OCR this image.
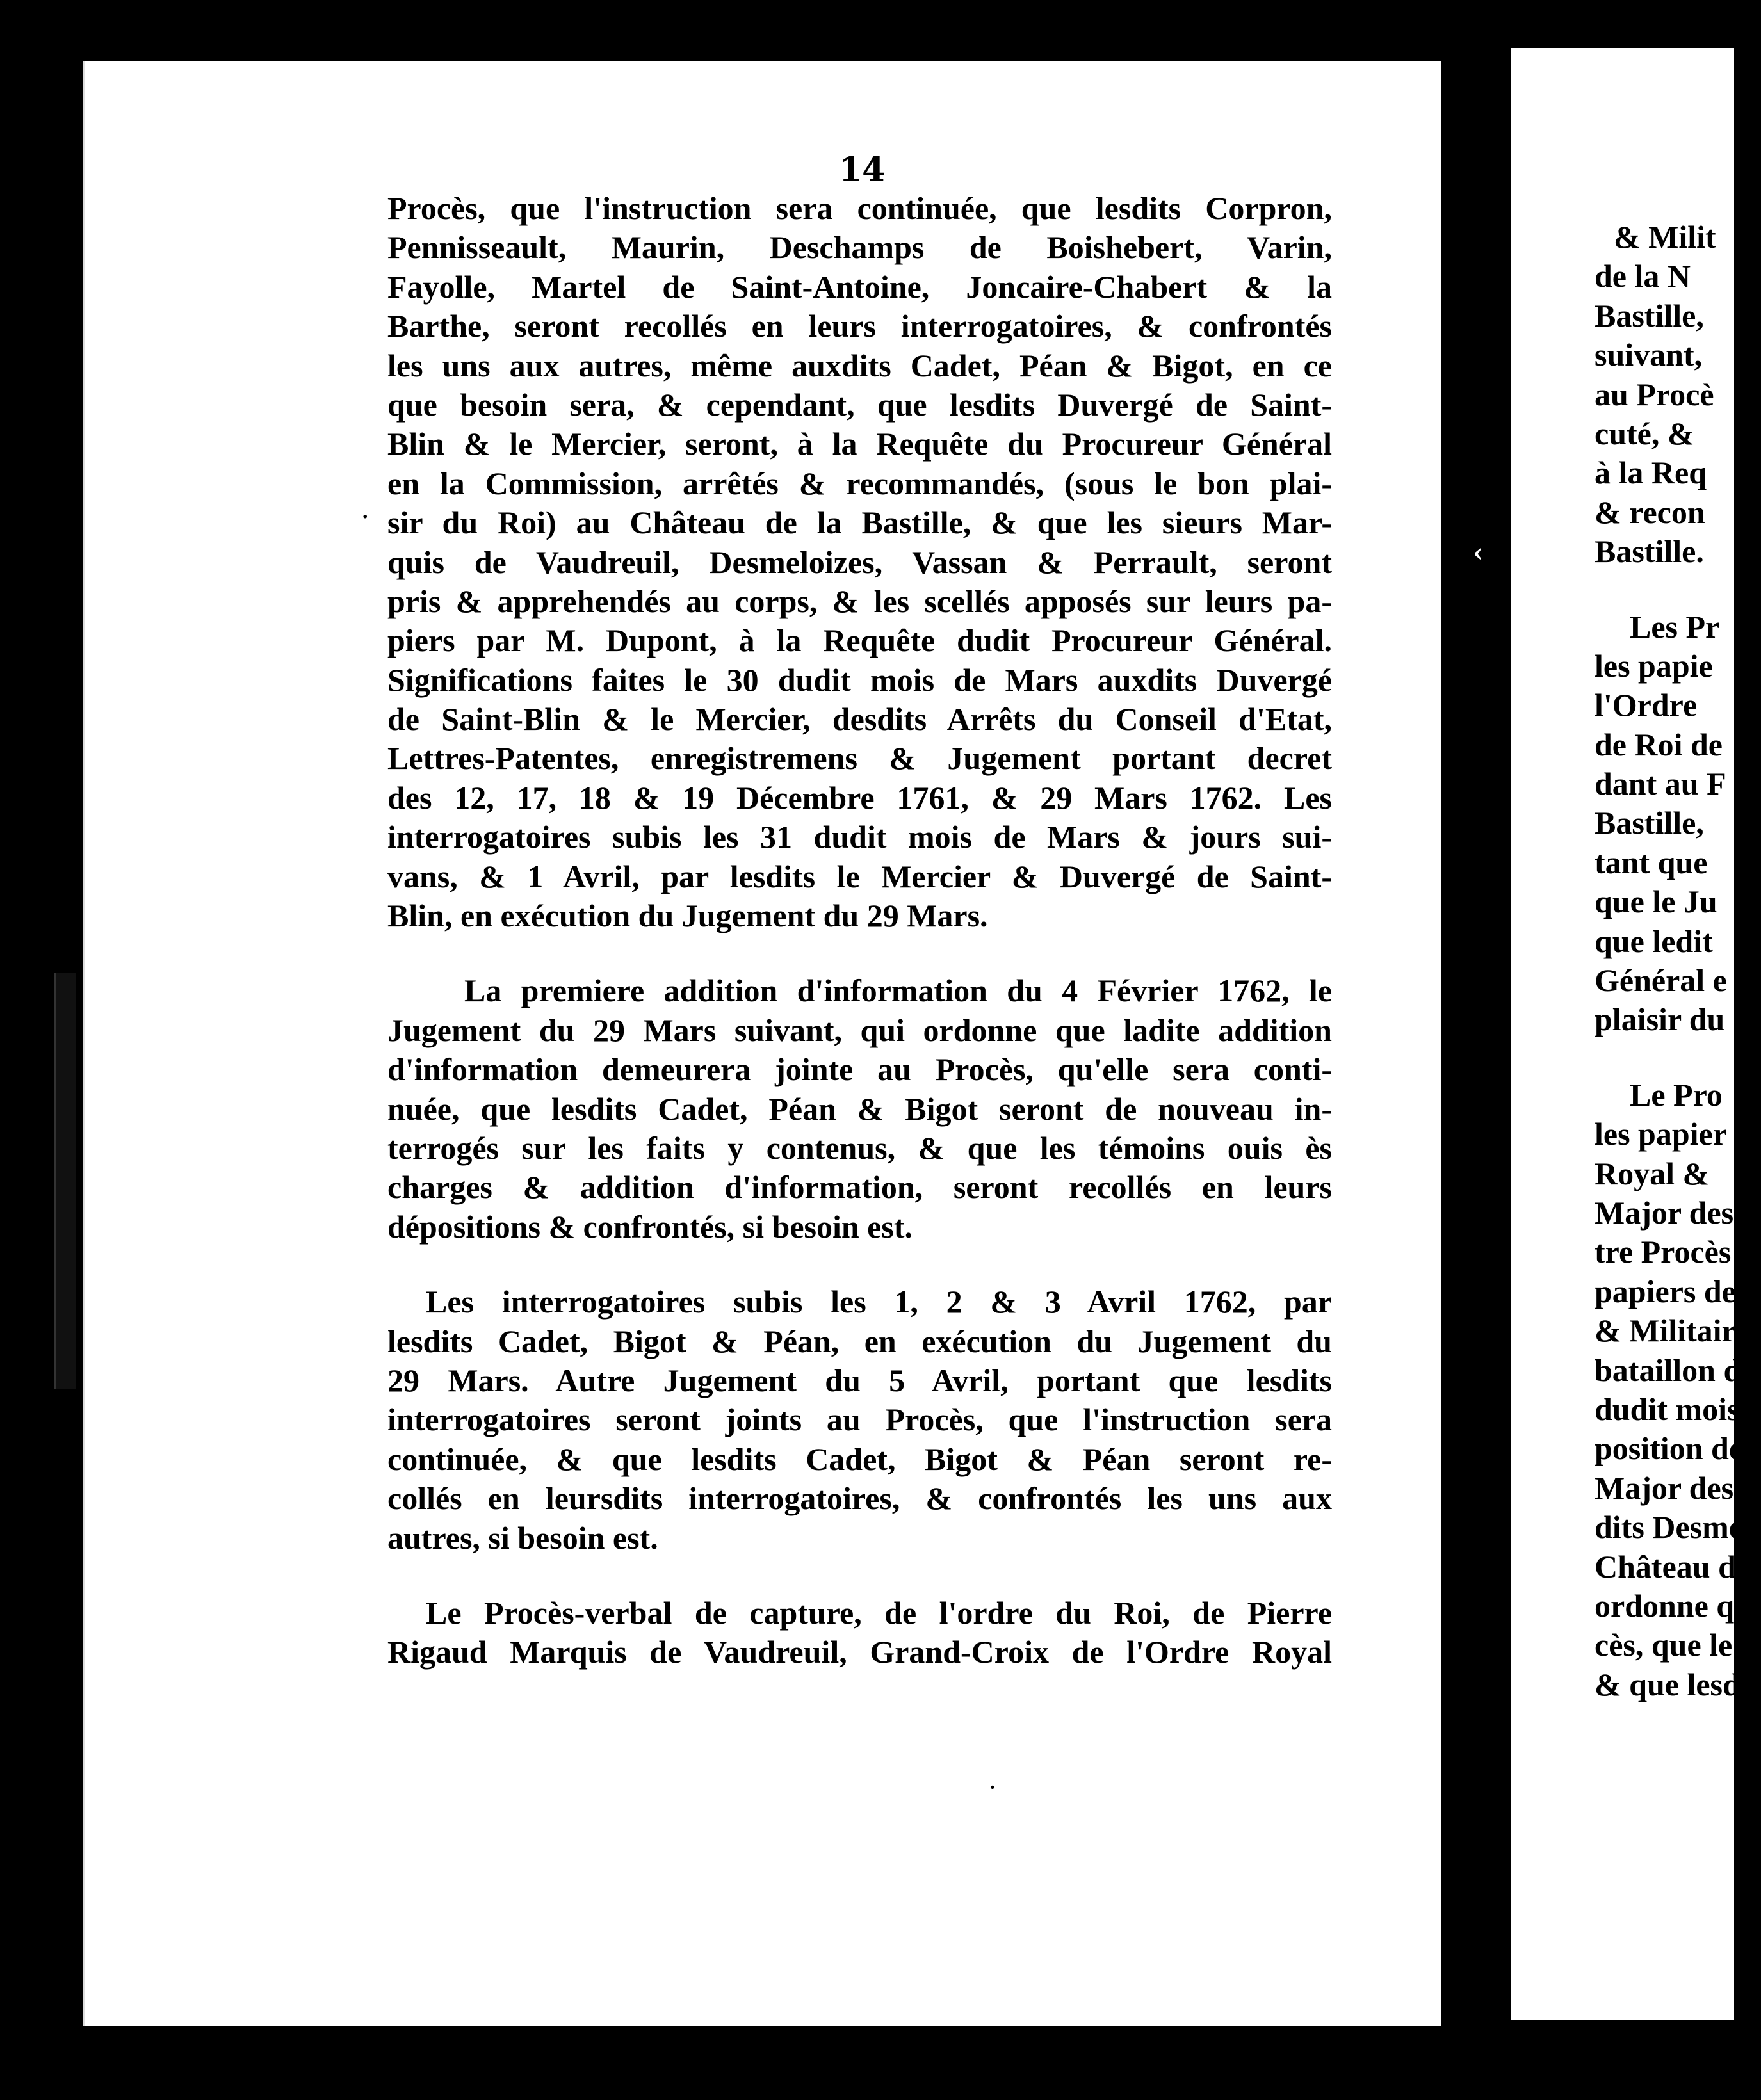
14
Procès, que l'instruction sera continuée, que lesdits Corpron,
Pennisseault, Maurin, Deschamps de Boishebert, Varin,
Fayolle, Martel de Saint-Antoine, Joncaire-Chabert & la
Barthe, seront recollés en leurs interrogatoires, & confrontés
les uns aux autres, même auxdits Cadet, Péan & Bigot, en ce
que besoin sera, & cependant, que lesdits Duvergé de Saint-
Blin & le Mercier, seront, à la Requête du Procureur Général
en la Commission, arrêtés & recommandés, (sous le bon plai-
sir du Roi) au Château de la Bastille, & que les sieurs Mar-
quis de Vaudreuil, Desmeloizes, Vassan & Perrault, seront
pris & apprehendés au corps, & les scellés apposés sur leurs pa-
piers par M. Dupont, à la Requête dudit Procureur Général.
Significations faites le 30 dudit mois de Mars auxdits Duvergé
de Saint-Blin & le Mercier, desdits Arrêts du Conseil d'Etat,
Lettres-Patentes, enregistremens & Jugement portant decret
des 12, 17, 18 & 19 Décembre 1761, & 29 Mars 1762. Les
interrogatoires subis les 31 dudit mois de Mars & jours sui-
vans, & 1 Avril, par lesdits le Mercier & Duvergé de Saint-
Blin, en exécution du Jugement du 29 Mars.
La premiere addition d'information du 4 Février 1762, le
Jugement du 29 Mars suivant, qui ordonne que ladite addition
d'information demeurera jointe au Procès, qu'elle sera conti-
nuée, que lesdits Cadet, Péan & Bigot seront de nouveau in-
terrogés sur les faits y contenus, & que les témoins ouis ès
charges & addition d'information, seront recollés en leurs
dépositions & confrontés, si besoin est.
Les interrogatoires subis les 1, 2 & 3 Avril 1762, par
lesdits Cadet, Bigot & Péan, en exécution du Jugement du
29 Mars. Autre Jugement du 5 Avril, portant que lesdits
interrogatoires seront joints au Procès, que l'instruction sera
continuée, & que lesdits Cadet, Bigot & Péan seront re-
collés en leursdits interrogatoires, & confrontés les uns aux
autres, si besoin est.
Le Procès-verbal de capture, de l'ordre du Roi, de Pierre
Rigaud Marquis de Vaudreuil, Grand-Croix de l'Ordre Royal
& Milit
de la N
Bastille,
suivant,
au Procè
cuté, &
à la Req
& recon
Bastille.
Les Pr
les papie
l'Ordre
de Roi de
dant au F
Bastille,
tant que
que le Ju
que ledit
Général e
plaisir du
Le Pro
les papier
Royal &
Major des
tre Procès
papiers de
& Militair
bataillon d
dudit mois
position de
Major des
dits Desme
Château de
ordonne qu
cès, que le
& que lesd
·
‹
·
